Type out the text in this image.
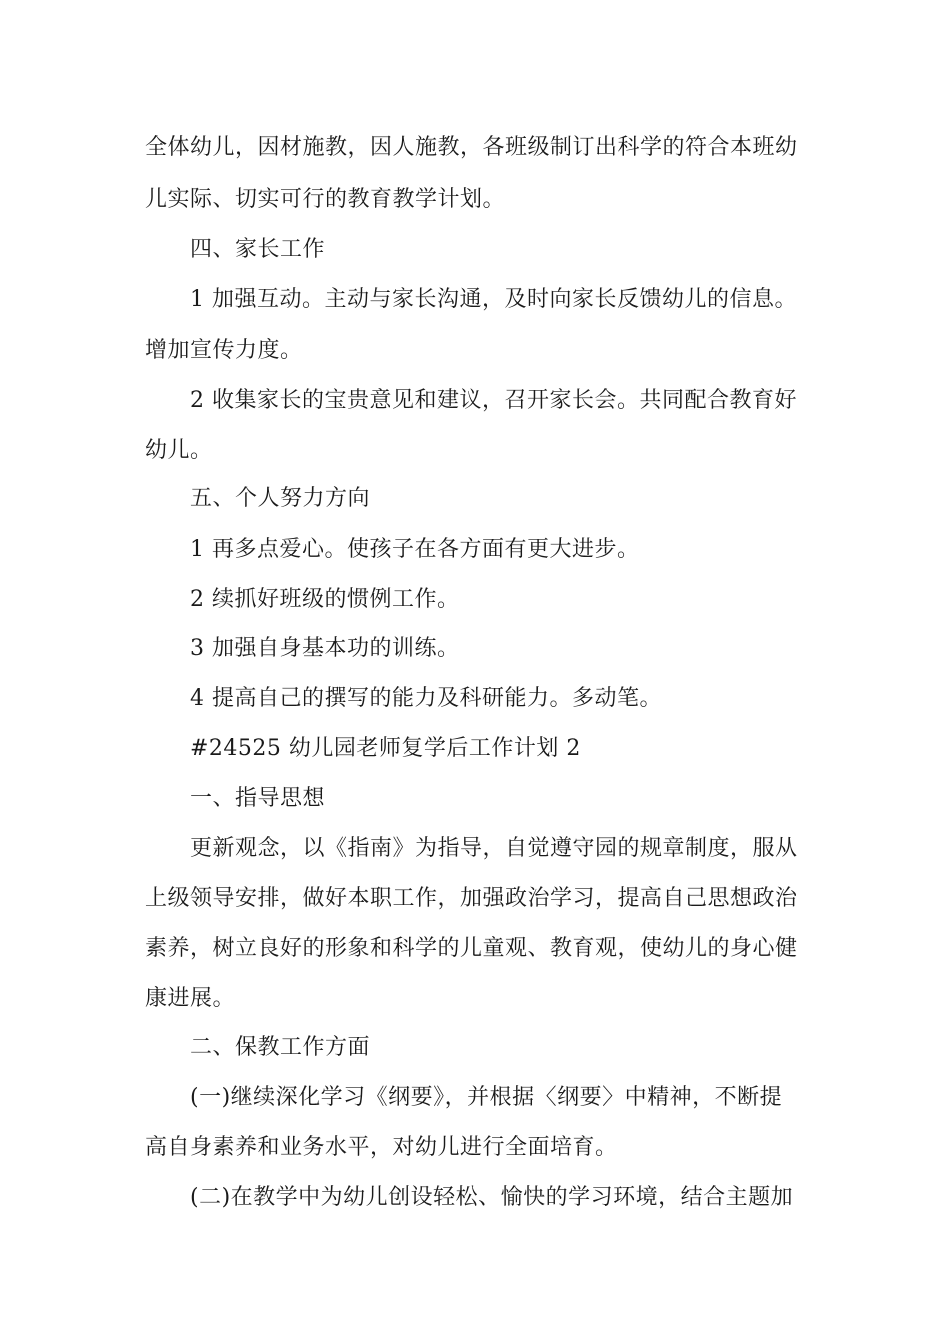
全体幼儿，因材施教，因人施教，各班级制订出科学的符合本班幼
儿实际、切实可行的教育教学计划。
四、家长工作
1 加强互动。主动与家长沟通，及时向家长反馈幼儿的信息。
增加宣传力度。
2 收集家长的宝贵意见和建议，召开家长会。共同配合教育好
幼儿。
五、个人努力方向
1 再多点爱心。使孩子在各方面有更大进步。
2 续抓好班级的惯例工作。
3 加强自身基本功的训练。
4 提高自己的撰写的能力及科研能力。多动笔。
#24525 幼儿园老师复学后工作计划 2
一、指导思想
更新观念，以《指南》为指导，自觉遵守园的规章制度，服从
上级领导安排，做好本职工作，加强政治学习，提高自己思想政治
素养，树立良好的形象和科学的儿童观、教育观，使幼儿的身心健
康进展。
二、保教工作方面
(一)继续深化学习《纲要》，并根据〈纲要〉中精神，不断提
高自身素养和业务水平，对幼儿进行全面培育。
(二)在教学中为幼儿创设轻松、愉快的学习环境，结合主题加
